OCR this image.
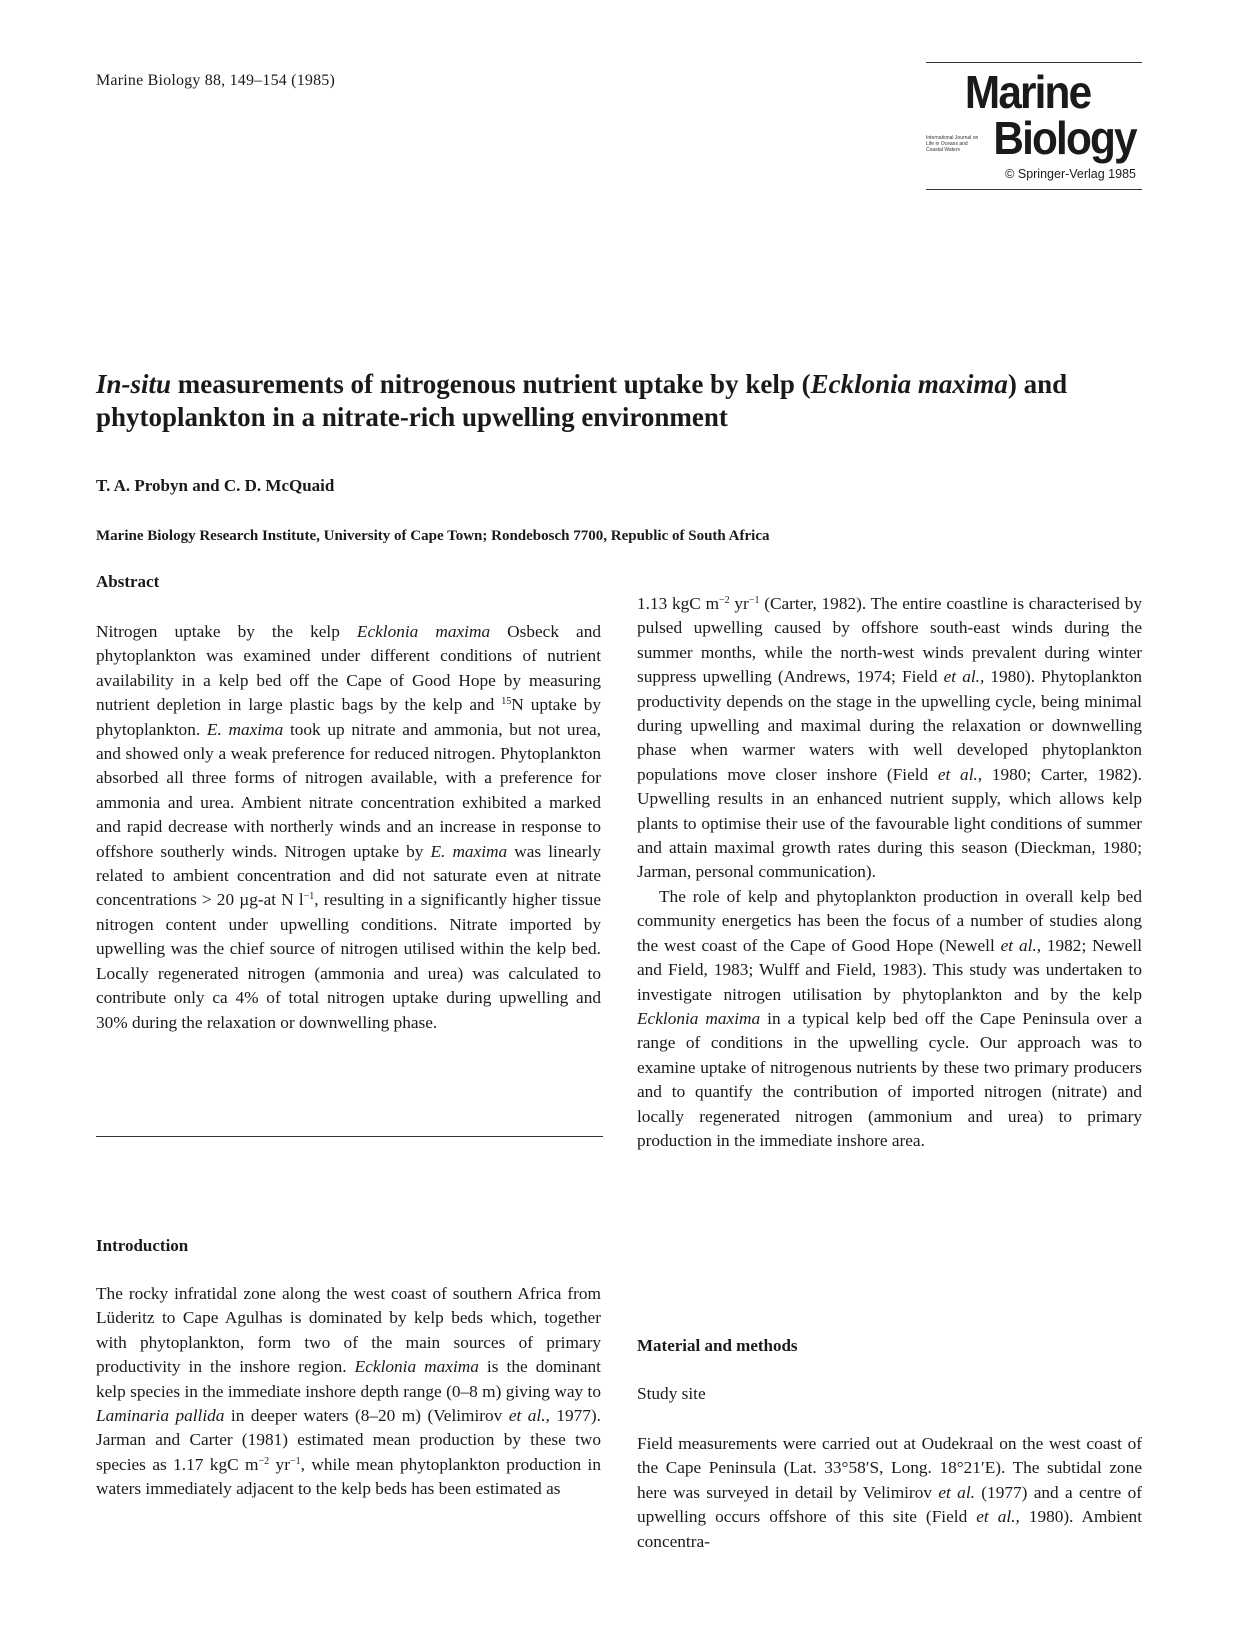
Marine Biology 88, 149–154 (1985)	Marine
International Journal on Life in Oceans and Coastal Waters Biology
© Springer-Verlag 1985
In-situ measurements of nitrogenous nutrient uptake by kelp (Ecklonia maxima) and phytoplankton in a nitrate-rich upwelling environment
T. A. Probyn and C. D. McQuaid
Marine Biology Research Institute, University of Cape Town; Rondebosch 7700, Republic of South Africa
Abstract

Nitrogen uptake by the kelp Ecklonia maxima Osbeck and phytoplankton was examined under different conditions of nutrient availability in a kelp bed off the Cape of Good Hope by measuring nutrient depletion in large plastic bags by the kelp and $^{15}$N uptake by phytoplankton. E. maxima took up nitrate and ammonia, but not urea, and showed only a weak preference for reduced nitrogen. Phytoplankton absorbed all three forms of nitrogen available, with a preference for ammonia and urea. Ambient nitrate concentration exhibited a marked and rapid decrease with northerly winds and an increase in response to offshore southerly winds. Nitrogen uptake by E. maxima was linearly related to ambient concentration and did not saturate even at nitrate concentrations > 20 µg-at N $l^{-1}$, resulting in a significantly higher tissue nitrogen content under upwelling conditions. Nitrate imported by upwelling was the chief source of nitrogen utilised within the kelp bed. Locally regenerated nitrogen (ammonia and urea) was calculated to contribute only ca 4% of total nitrogen uptake during upwelling and 30% during the relaxation or downwelling phase.

Introduction

The rocky infratidal zone along the west coast of southern Africa from Lüderitz to Cape Agulhas is dominated by kelp beds which, together with phytoplankton, form two of the main sources of primary productivity in the inshore region. Ecklonia maxima is the dominant kelp species in the immediate inshore depth range (0–8 m) giving way to Laminaria pallida in deeper waters (8–20 m) (Velimirov et al., 1977). Jarman and Carter (1981) estimated mean production by these two species as 1.17 kgC $m^{-2}$ $yr^{-1}$, while mean phytoplankton production in waters immediately adjacent to the kelp beds has been estimated as

1.13 kgC $m^{-2}$ $yr^{-1}$ (Carter, 1982). The entire coastline is characterised by pulsed upwelling caused by offshore south-east winds during the summer months, while the north-west winds prevalent during winter suppress upwelling (Andrews, 1974; Field et al., 1980). Phytoplankton productivity depends on the stage in the upwelling cycle, being minimal during upwelling and maximal during the relaxation or downwelling phase when warmer waters with well developed phytoplankton populations move closer inshore (Field et al., 1980; Carter, 1982). Upwelling results in an enhanced nutrient supply, which allows kelp plants to optimise their use of the favourable light conditions of summer and attain maximal growth rates during this season (Dieckman, 1980; Jarman, personal communication).

The role of kelp and phytoplankton production in overall kelp bed community energetics has been the focus of a number of studies along the west coast of the Cape of Good Hope (Newell et al., 1982; Newell and Field, 1983; Wulff and Field, 1983). This study was undertaken to investigate nitrogen utilisation by phytoplankton and by the kelp Ecklonia maxima in a typical kelp bed off the Cape Peninsula over a range of conditions in the upwelling cycle. Our approach was to examine uptake of nitrogenous nutrients by these two primary producers and to quantify the contribution of imported nitrogen (nitrate) and locally regenerated nitrogen (ammonium and urea) to primary production in the immediate inshore area.

Material and methods
Study site

Field measurements were carried out at Oudekraal on the west coast of the Cape Peninsula (Lat. 33°58′S, Long. 18°21′E). The subtidal zone here was surveyed in detail by Velimirov et al. (1977) and a centre of upwelling occurs offshore of this site (Field et al., 1980). Ambient concentra-
